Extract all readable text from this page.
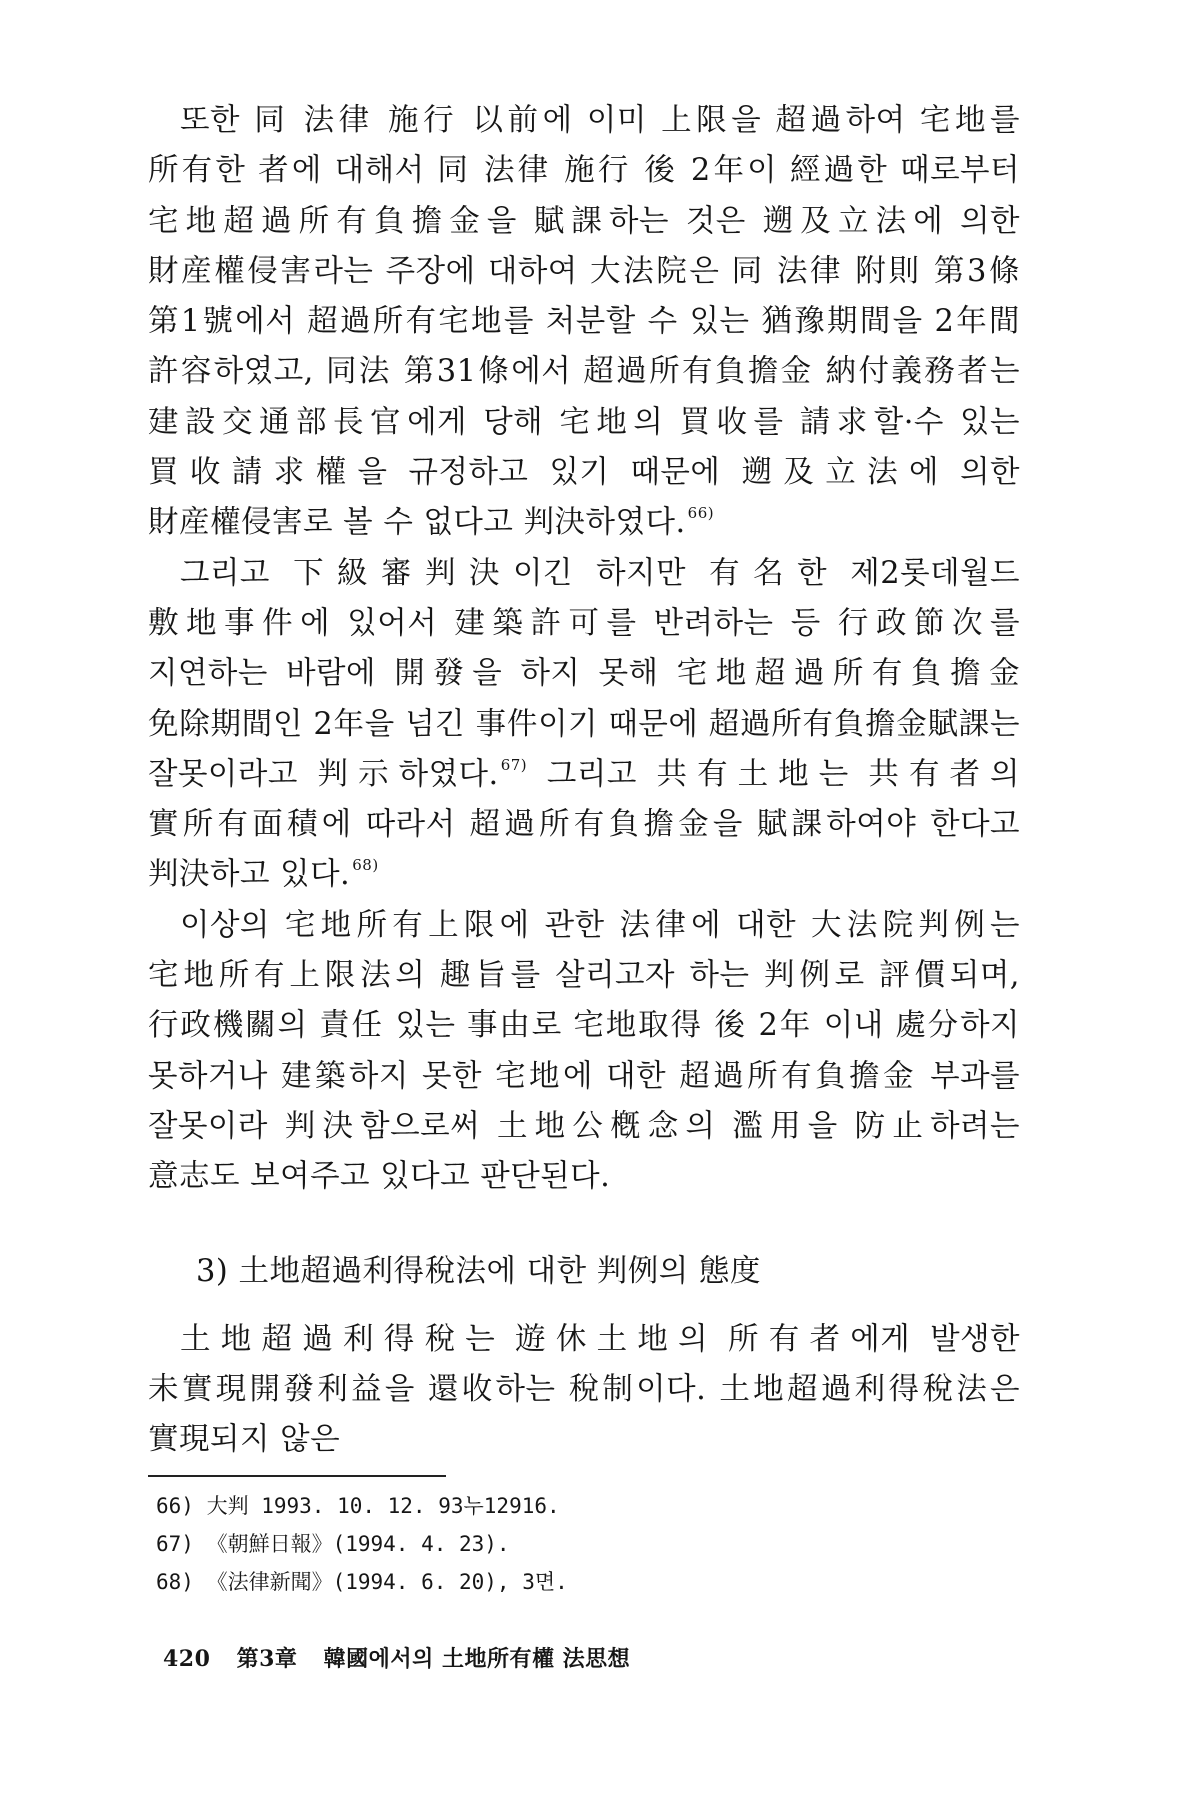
또한 同 法律 施行 以前에 이미 上限을 超過하여 宅地를 所有한 者에 대해서 同 法律 施行 後 2年이 經過한 때로부터 宅地超過所有負擔金을 賦課하는 것은 遡及立法에 의한 財産權侵害라는 주장에 대하여 大法院은 同 法律 附則 第3條 第1號에서 超過所有宅地를 처분할 수 있는 猶豫期間을 2年間 許容하였고, 同法 第31條에서 超過所有負擔金 納付義務者는 建設交通部長官에게 당해 宅地의 買收를 請求할·수 있는 買收請求權을 규정하고 있기 때문에 遡及立法에 의한 財産權侵害로 볼 수 없다고 判決하였다. $^{66)}$

그리고 下級審判決이긴 하지만 有名한 제2롯데월드 敷地事件에 있어서 建築許可를 반려하는 등 行政節次를 지연하는 바람에 開發을 하지 못해 宅地超過所有負擔金 免除期間인 2年을 넘긴 事件이기 때문에 超過所有負擔金賦課는 잘못이라고 判示하였다. $^{67)}$ 그리고 共有土地는 共有者의 實所有面積에 따라서 超過所有負擔金을 賦課하여야 한다고 判決하고 있다. $^{68)}$

이상의 宅地所有上限에 관한 法律에 대한 大法院判例는 宅地所有上限法의 趣旨를 살리고자 하는 判例로 評價되며, 行政機關의 責任 있는 事由로 宅地取得 後 2年 이내 處分하지 못하거나 建築하지 못한 宅地에 대한 超過所有負擔金 부과를 잘못이라 判決함으로써 土地公槪念의 濫用을 防止하려는 意志도 보여주고 있다고 판단된다.

3) 土地超過利得稅法에 대한 判例의 態度

土地超過利得稅는 遊休土地의 所有者에게 발생한 未實現開發利益을 還收하는 稅制이다. 土地超過利得稅法은 實現되지 않은

66) 大判 1993. 10. 12. 93누12916.
67) 《朝鮮日報》(1994. 4. 23).
68) 《法律新聞》(1994. 6. 20), 3면.
420 第3章 韓國에서의 土地所有權 法思想
